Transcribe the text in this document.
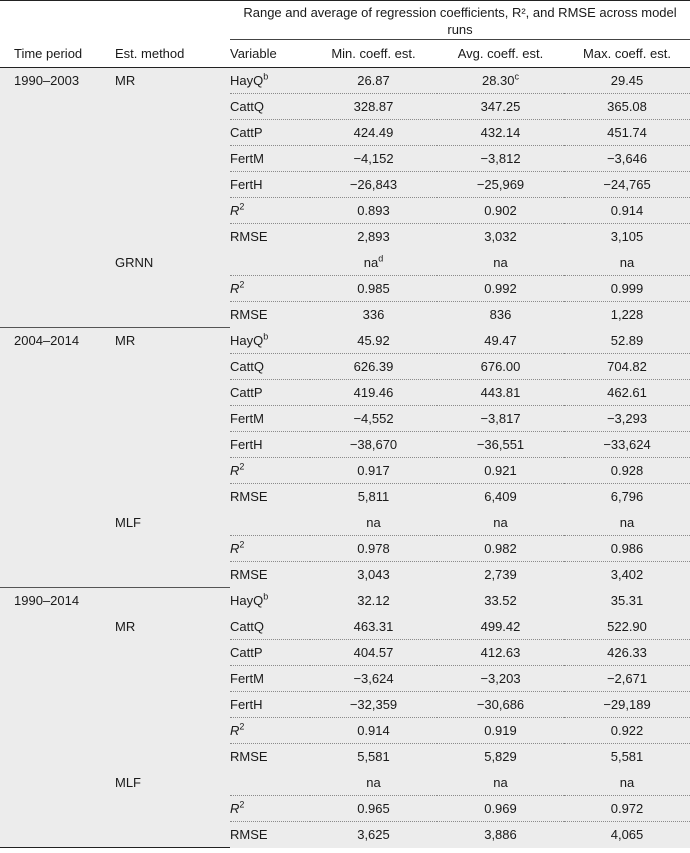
		Range and average of regression coefficients, R², and RMSE across model runs			
Time period	Est. method	Variable	Min. coeff. est.	Avg. coeff. est.	Max. coeff. est.
1990–2003	MR	HayQ$^b$	26.87	28.30$^c$	29.45
		CattQ	328.87	347.25	365.08
		CattP	424.49	432.14	451.74
		FertM	−4,152	−3,812	−3,646
		FertH	−26,843	−25,969	−24,765
		$R^2$	0.893	0.902	0.914
		RMSE	2,893	3,032	3,105
	GRNN		$na^d$	na	na
		$R^2$	0.985	0.992	0.999
		RMSE	336	836	1,228
2004–2014	MR	HayQ$^b$	45.92	49.47	52.89
		CattQ	626.39	676.00	704.82
		CattP	419.46	443.81	462.61
		FertM	−4,552	−3,817	−3,293
		FertH	−38,670	−36,551	−33,624
		$R^2$	0.917	0.921	0.928
		RMSE	5,811	6,409	6,796
	MLF		na	na	na
		$R^2$	0.978	0.982	0.986
		RMSE	3,043	2,739	3,402
1990–2014		HayQ$^b$	32.12	33.52	35.31
	MR	CattQ	463.31	499.42	522.90
		CattP	404.57	412.63	426.33
		FertM	−3,624	−3,203	−2,671
		FertH	−32,359	−30,686	−29,189
		$R^2$	0.914	0.919	0.922
		RMSE	5,581	5,829	5,581
	MLF		na	na	na
		$R^2$	0.965	0.969	0.972
		RMSE	3,625	3,886	4,065
